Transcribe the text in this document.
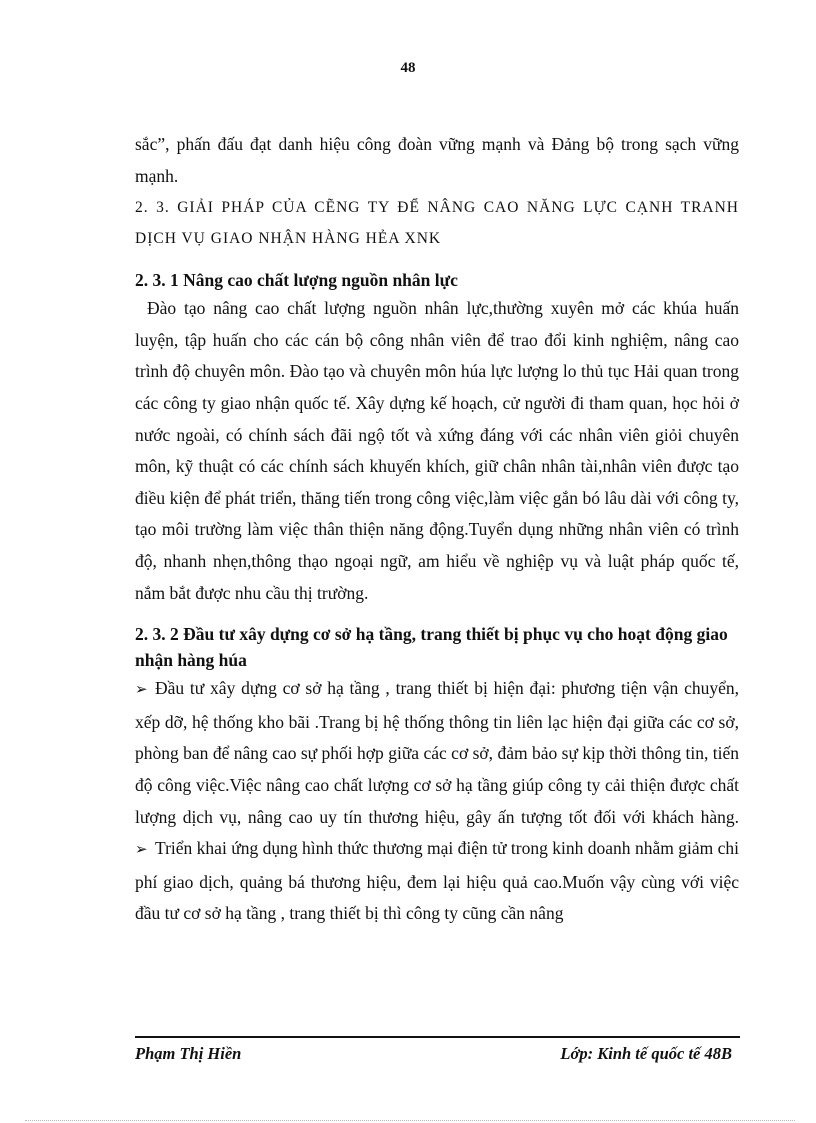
48

sắc”, phấn đấu đạt danh hiệu công đoàn vững mạnh và Đảng bộ trong sạch vững mạnh.

2. 3. GIẢI PHÁP CỦA CẼNG TY ĐỂ NÂNG CAO NĂNG LỰC CẠNH TRANH DỊCH VỤ GIAO NHẬN HÀNG HẺA XNK

2. 3. 1 Nâng cao chất lượng nguồn nhân lực

Đào tạo nâng cao chất lượng nguồn nhân lực,thường xuyên mở các khúa huấn luyện, tập huấn cho các cán bộ công nhân viên để trao đổi kinh nghiệm, nâng cao trình độ chuyên môn. Đào tạo và chuyên môn húa lực lượng lo thủ tục Hải quan trong các công ty giao nhận quốc tế. Xây dựng kế hoạch, cử người đi tham quan, học hỏi ở nước ngoài, có chính sách đãi ngộ tốt và xứng đáng với các nhân viên giỏi chuyên môn, kỹ thuật có các chính sách khuyến khích, giữ chân nhân tài,nhân viên được tạo điều kiện để phát triển, thăng tiến trong công việc,làm việc gắn bó lâu dài với công ty, tạo môi trường làm việc thân thiện năng động.Tuyển dụng những nhân viên có trình độ, nhanh nhẹn,thông thạo ngoại ngữ, am hiểu về nghiệp vụ và luật pháp quốc tế, nắm bắt được nhu cầu thị trường.

2. 3. 2 Đầu tư xây dựng cơ sở hạ tầng, trang thiết bị phục vụ cho hoạt động giao nhận hàng húa

➢ Đầu tư xây dựng cơ sở hạ tầng , trang thiết bị hiện đại: phương tiện vận chuyển, xếp dỡ, hệ thống kho bãi .Trang bị hệ thống thông tin liên lạc hiện đại giữa các cơ sở, phòng ban để nâng cao sự phối hợp giữa các cơ sở, đảm bảo sự kịp thời thông tin, tiến độ công việc.Việc nâng cao chất lượng cơ sở hạ tầng giúp công ty cải thiện được chất lượng dịch vụ, nâng cao uy tín thương hiệu, gây ấn tượng tốt đối với khách hàng.

➢ Triển khai ứng dụng hình thức thương mại điện tử trong kinh doanh nhằm giảm chi phí giao dịch, quảng bá thương hiệu, đem lại hiệu quả cao.Muốn vậy cùng với việc đầu tư cơ sở hạ tầng , trang thiết bị thì công ty cũng cần nâng

Phạm Thị Hiền	Lớp: Kinh tế quốc tế 48B
